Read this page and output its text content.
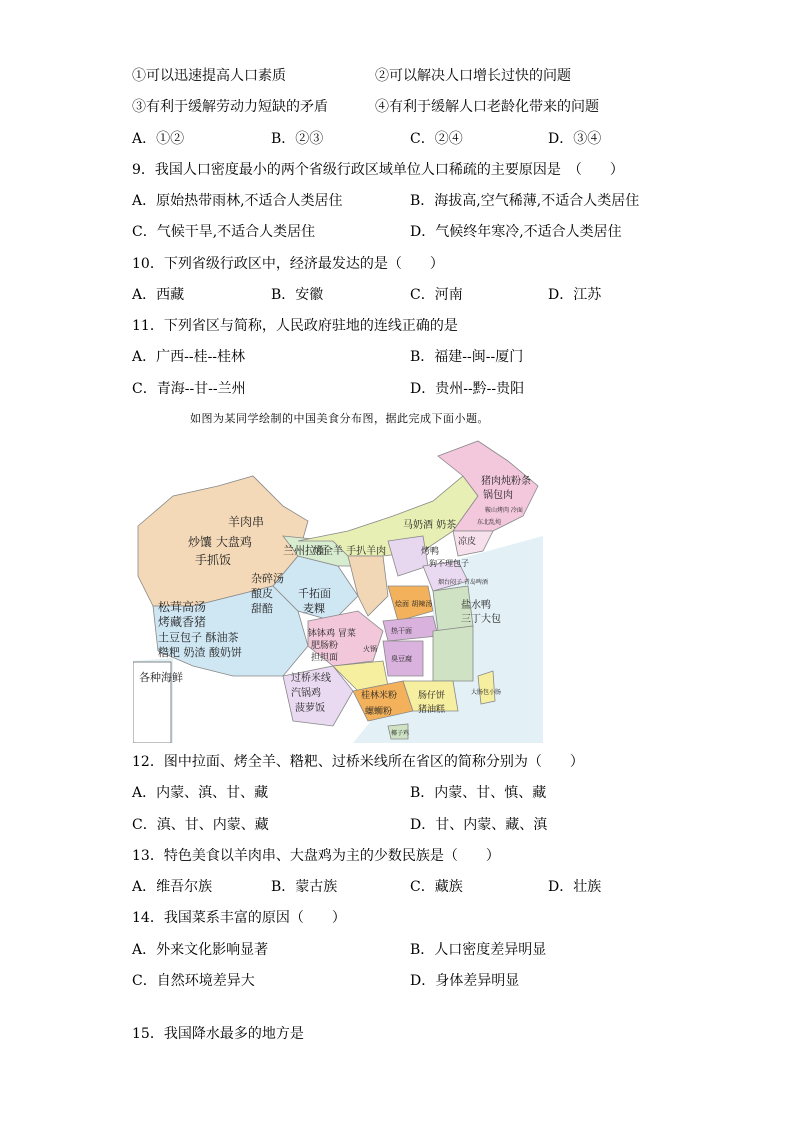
①可以迅速提高人口素质	②可以解决人口增长过快的问题
③有利于缓解劳动力短缺的矛盾	④有利于缓解人口老龄化带来的问题
A．①②	B．②③	C．②④	D．③④
9．我国人口密度最小的两个省级行政区域单位人口稀疏的主要原因是　（　　）
A．原始热带雨林,不适合人类居住	B．海拔高,空气稀薄,不适合人类居住
C．气候干旱,不适合人类居住	D．气候终年寒冷,不适合人类居住
10．下列省级行政区中，经济最发达的是（　　）
A．西藏	B．安徽	C．河南	D．江苏
11．下列省区与简称，人民政府驻地的连线正确的是
A．广西--桂--桂林	B．福建--闽--厦门
C．青海--甘--兰州	D．贵州--黔--贵阳
如图为某同学绘制的中国美食分布图，据此完成下面小题。
猪肉炖粉条
锅包肉
鞍山烤肉 冷面
马奶酒 奶茶	东北乱炖
羊肉串
炒馕 大盘鸡
手抓饭
兰州拉面
烤全羊 手扒羊肉	烤鸭
狗不理包子
凉皮
杂碎汤
酿皮
甜醅
千拓面
麦粿
松茸高汤
烤藏香猪
土豆包子 酥油茶
糌粑 奶渣 酸奶饼
钵钵鸡 冒菜
肥肠粉
担担面
火锅
烟台闷子 青岛啤酒
烩面 胡辣汤
热干面
盐水鸭
三丁大包
臭豆腐
过桥米线
汽锅鸡
菠萝饭
桂林米粉
螺蛳粉
肠仔饼
猪油糕
椰子鸡
大肠包小肠
各种海鲜
12．图中拉面、烤全羊、糌粑、过桥米线所在省区的简称分别为（　　）
A．内蒙、滇、甘、藏	B．内蒙、甘、慎、藏
C．滇、甘、内蒙、藏	D．甘、内蒙、藏、滇
13．特色美食以羊肉串、大盘鸡为主的少数民族是（　　）
A．维吾尔族	B．蒙古族	C．藏族	D．壮族
14．我国菜系丰富的原因（　　）
A．外来文化影响显著	B．人口密度差异明显
C．自然环境差异大	D．身体差异明显
15．我国降水最多的地方是
